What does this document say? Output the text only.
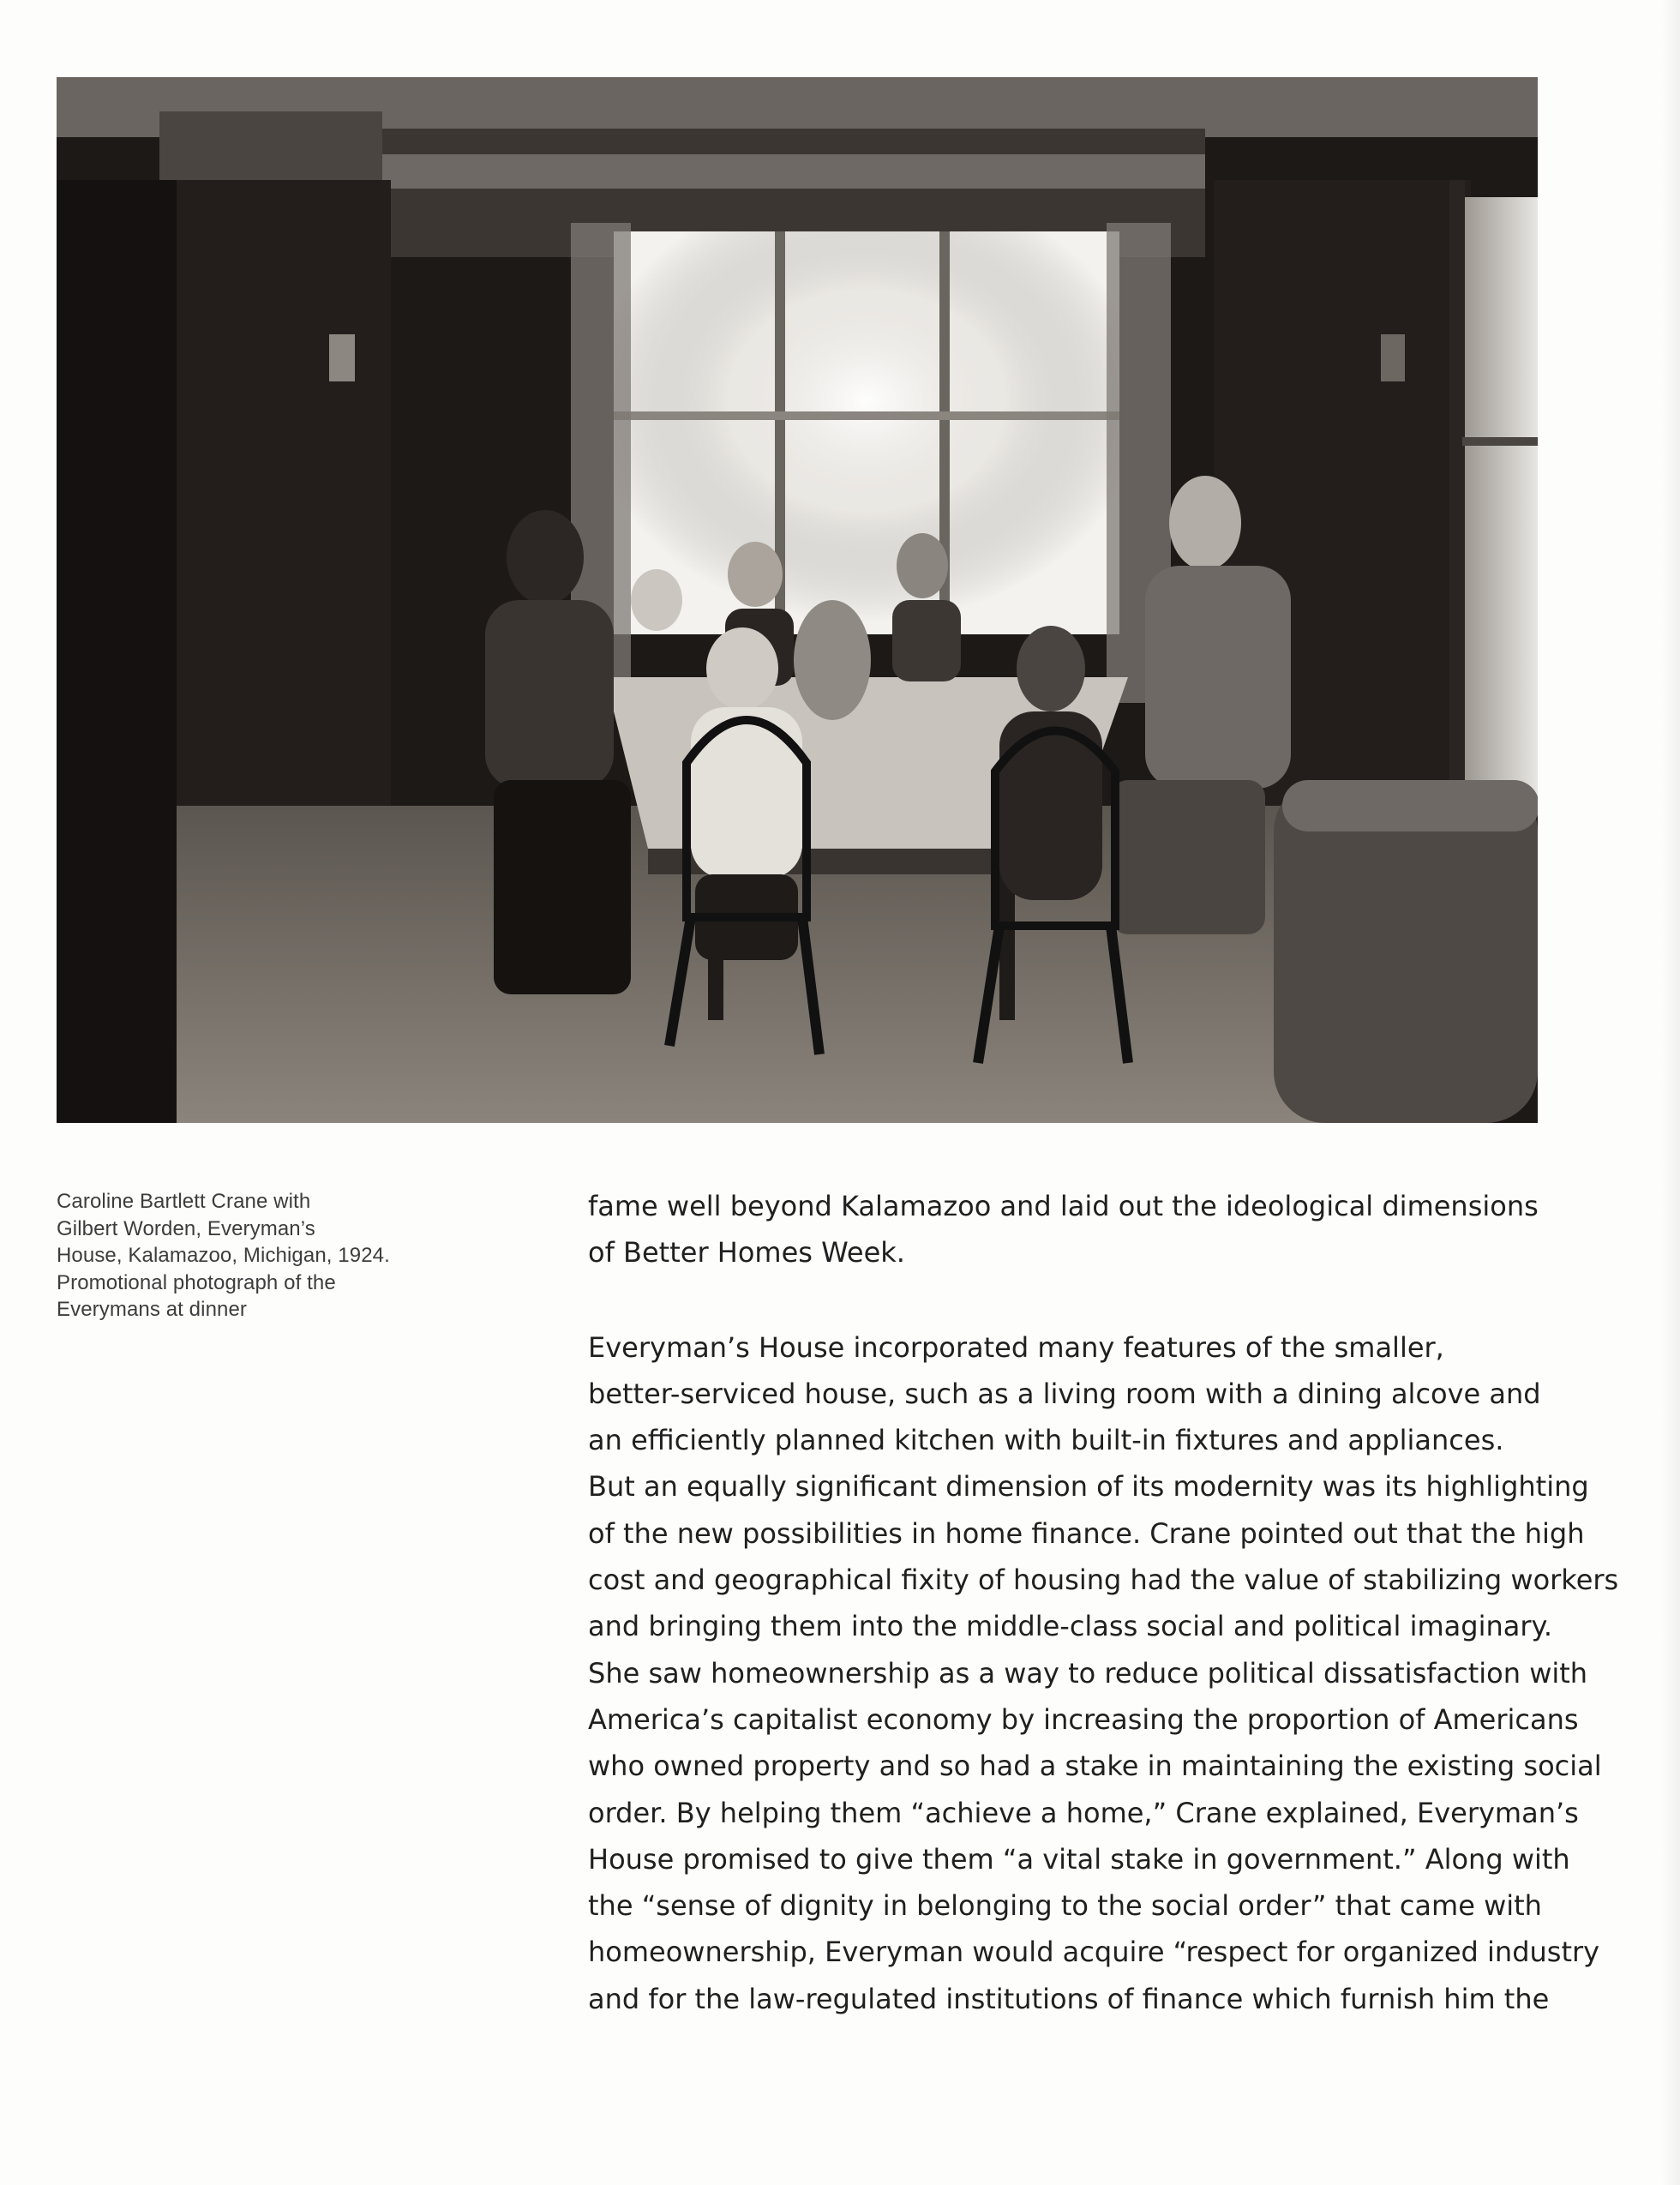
Caroline Bartlett Crane with
Gilbert Worden, Everyman’s
House, Kalamazoo, Michigan, 1924.
Promotional photograph of the
Everymans at dinner
fame well beyond Kalamazoo and laid out the ideological dimensions
of Better Homes Week.
Everyman’s House incorporated many features of the smaller,
better-serviced house, such as a living room with a dining alcove and
an efficiently planned kitchen with built-in fixtures and appliances.
But an equally significant dimension of its modernity was its highlighting
of the new possibilities in home finance. Crane pointed out that the high
cost and geographical fixity of housing had the value of stabilizing workers
and bringing them into the middle-class social and political imaginary.
She saw homeownership as a way to reduce political dissatisfaction with
America’s capitalist economy by increasing the proportion of Americans
who owned property and so had a stake in maintaining the existing social
order. By helping them “achieve a home,” Crane explained, Everyman’s
House promised to give them “a vital stake in government.” Along with
the “sense of dignity in belonging to the social order” that came with
homeownership, Everyman would acquire “respect for organized industry
and for the law-regulated institutions of finance which furnish him the
